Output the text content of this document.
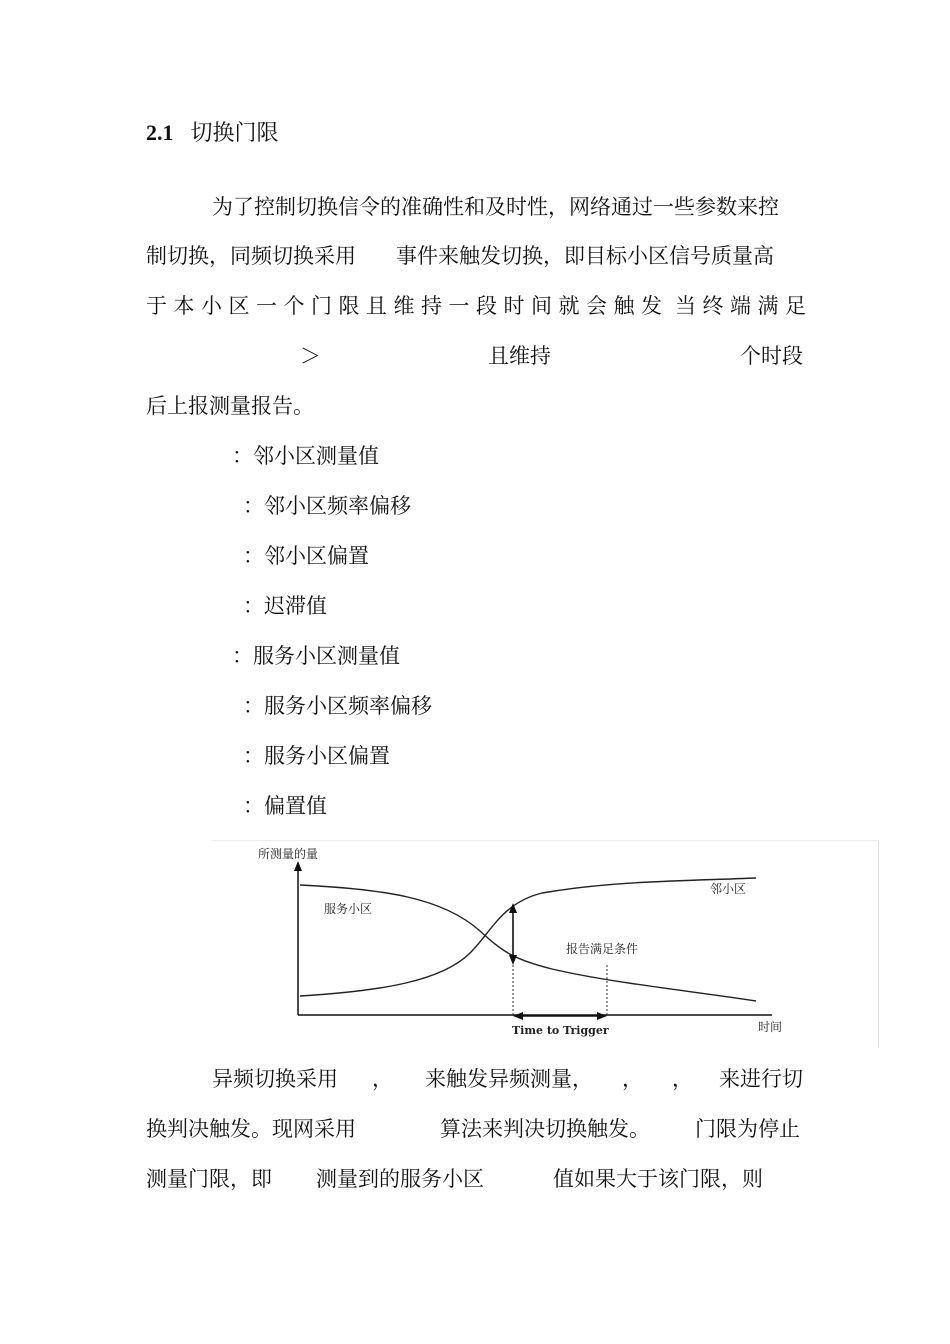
2.1 切换门限
为了控制切换信令的准确性和及时性，网络通过一些参数来控
制切换，同频切换采用 事件来触发切换，即目标小区信号质量高
于 本 小 区 一 个 门 限 且 维 持 一 段 时 间 就 会 触 发 当 终 端 满 足
＞	且维持	个时段
后上报测量报告。
：邻小区测量值
：邻小区频率偏移
：邻小区偏置
：迟滞值
：服务小区测量值
：服务小区频率偏移
：服务小区偏置
：偏置值
所测量的量
服务小区
邻小区
报告满足条件
Time to Trigger	时间
异频切换采用 ， 来触发异频测量， ， ， 来进行切
换判决触发。现网采用	算法来判决切换触发。 门限为停止
测量门限，即 测量到的服务小区	值如果大于该门限，则
